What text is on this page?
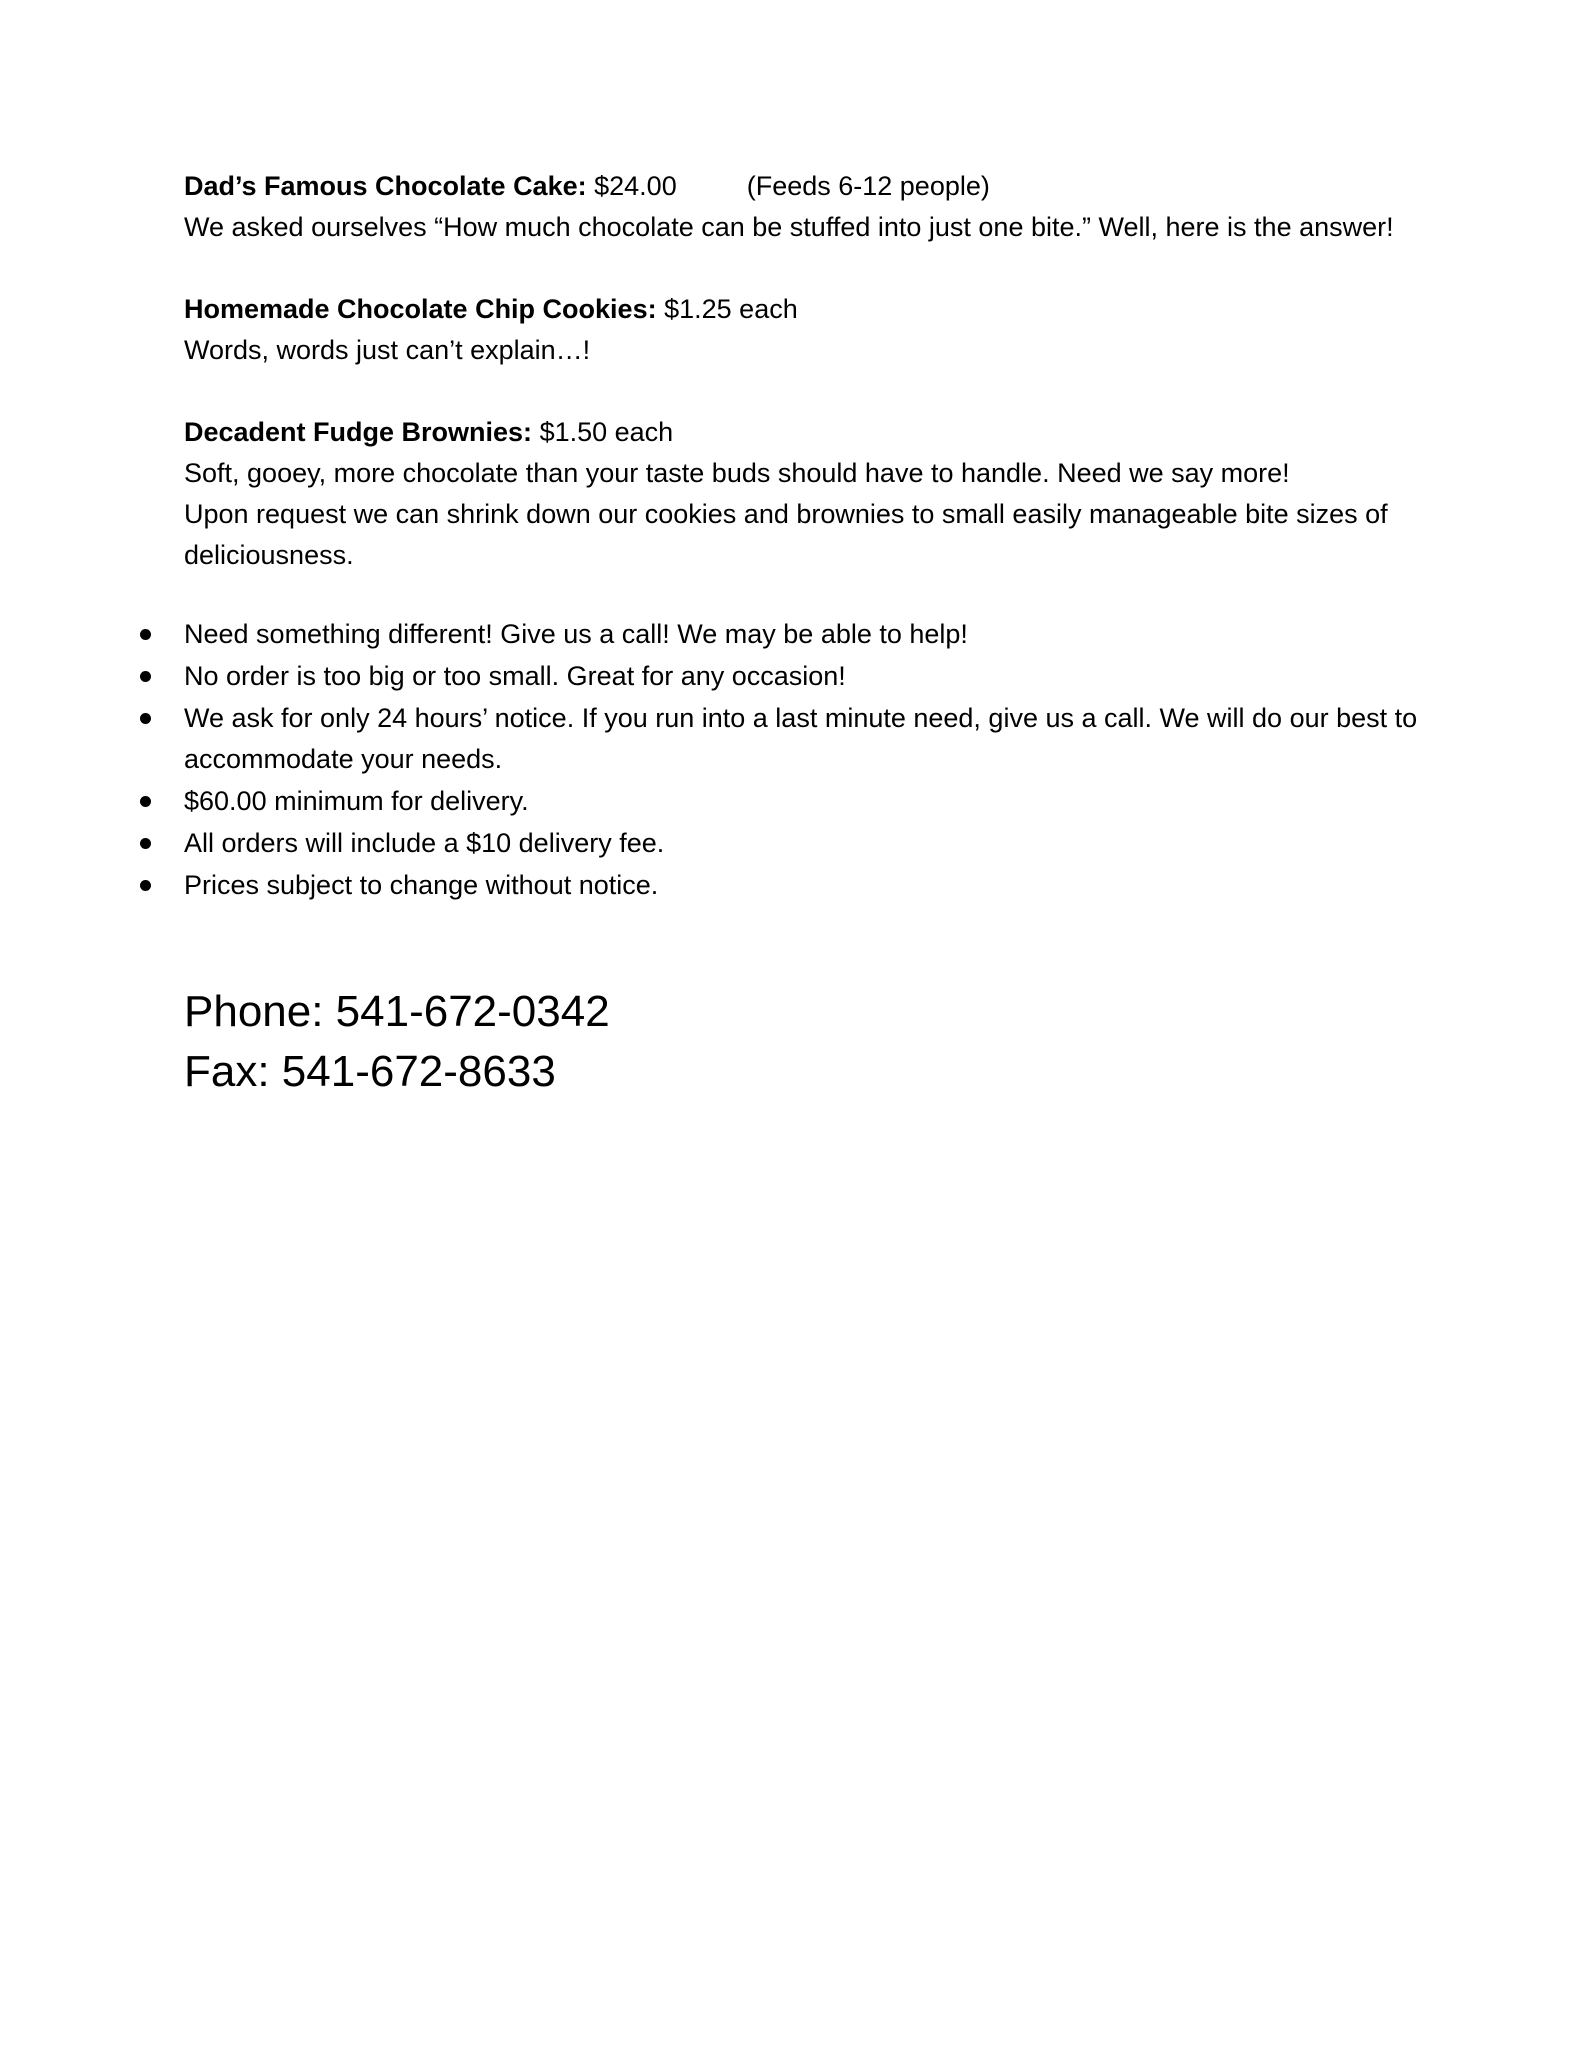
Dad’s Famous Chocolate Cake: $24.00	(Feeds 6-12 people)

We asked ourselves “How much chocolate can be stuffed into just one bite.” Well, here is the answer!

Homemade Chocolate Chip Cookies: $1.25 each

Words, words just can’t explain…!

Decadent Fudge Brownies: $1.50 each

Soft, gooey, more chocolate than your taste buds should have to handle. Need we say more!

Upon request we can shrink down our cookies and brownies to small easily manageable bite sizes of deliciousness.

Need something different! Give us a call! We may be able to help!
No order is too big or too small. Great for any occasion!
We ask for only 24 hours’ notice. If you run into a last minute need, give us a call. We will do our best to accommodate your needs.
$60.00 minimum for delivery.
All orders will include a $10 delivery fee.
Prices subject to change without notice.

Phone: 541-672-0342

Fax: 541-672-8633
